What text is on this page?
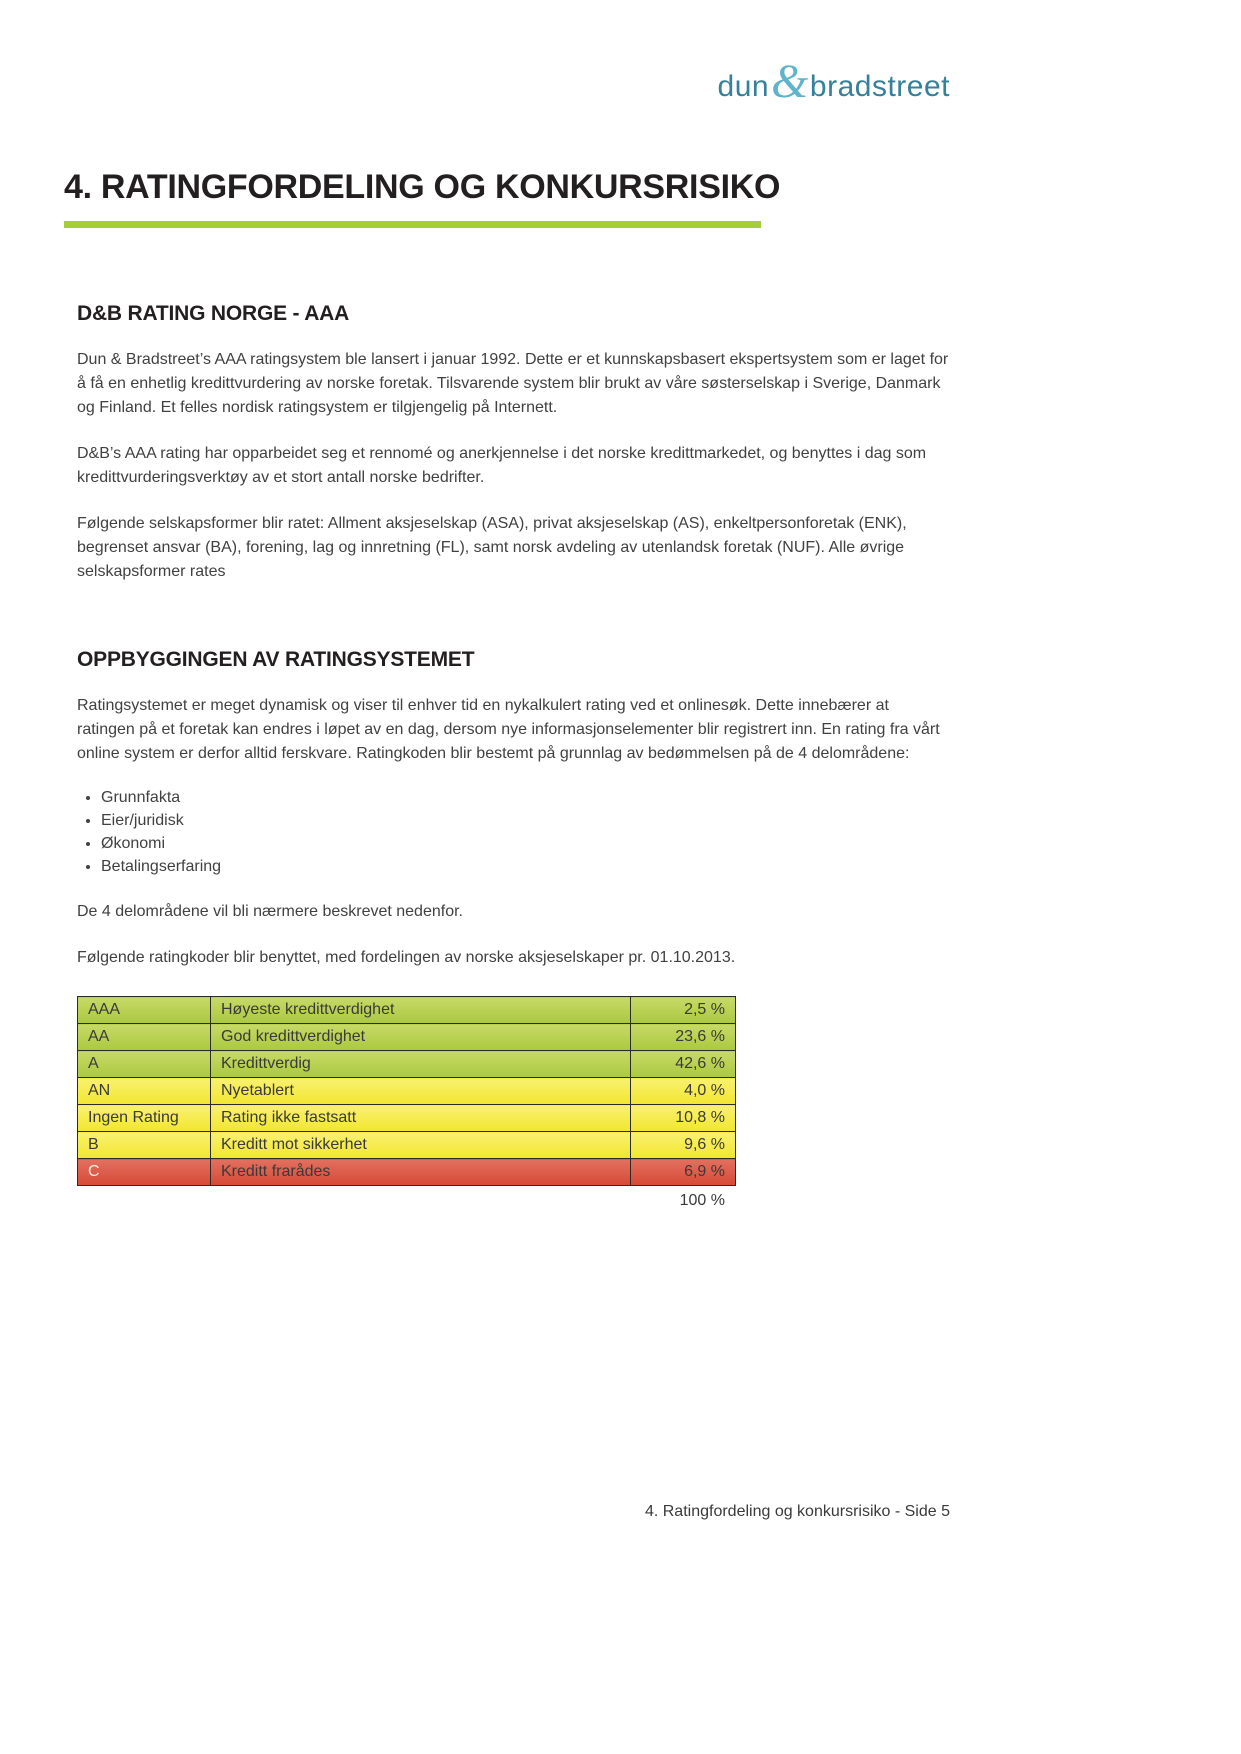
dun & bradstreet
4. RATINGFORDELING OG KONKURSRISIKO
D&B RATING NORGE - AAA

Dun & Bradstreet’s AAA ratingsystem ble lansert i januar 1992. Dette er et kunnskapsbasert ekspertsystem som er laget for å få en enhetlig kredittvurdering av norske foretak. Tilsvarende system blir brukt av våre søsterselskap i Sverige, Danmark og Finland. Et felles nordisk ratingsystem er tilgjengelig på Internett.

D&B’s AAA rating har opparbeidet seg et rennomé og anerkjennelse i det norske kredittmarkedet, og benyttes i dag som kredittvurderingsverktøy av et stort antall norske bedrifter.

Følgende selskapsformer blir ratet: Allment aksjeselskap (ASA), privat aksjeselskap (AS), enkeltpersonforetak (ENK), begrenset ansvar (BA), forening, lag og innretning (FL), samt norsk avdeling av utenlandsk foretak (NUF). Alle øvrige selskapsformer rates

OPPBYGGINGEN AV RATINGSYSTEMET

Ratingsystemet er meget dynamisk og viser til enhver tid en nykalkulert rating ved et onlinesøk. Dette innebærer at ratingen på et foretak kan endres i løpet av en dag, dersom nye informasjonselementer blir registrert inn. En rating fra vårt online system er derfor alltid ferskvare. Ratingkoden blir bestemt på grunnlag av bedømmelsen på de 4 delområdene:

• Grunnfakta
• Eier/juridisk
• Økonomi
• Betalingserfaring

De 4 delområdene vil bli nærmere beskrevet nedenfor.

Følgende ratingkoder blir benyttet, med fordelingen av norske aksjeselskaper pr. 01.10.2013.

AAA	Høyeste kredittverdighet	2,5 %
AA	God kredittverdighet	23,6 %
A	Kredittverdig	42,6 %
AN	Nyetablert	4,0 %
Ingen Rating	Rating ikke fastsatt	10,8 %
B	Kreditt mot sikkerhet	9,6 %
C	Kreditt frarådes	6,9 %
100 %
4. Ratingfordeling og konkursrisiko - Side 5
